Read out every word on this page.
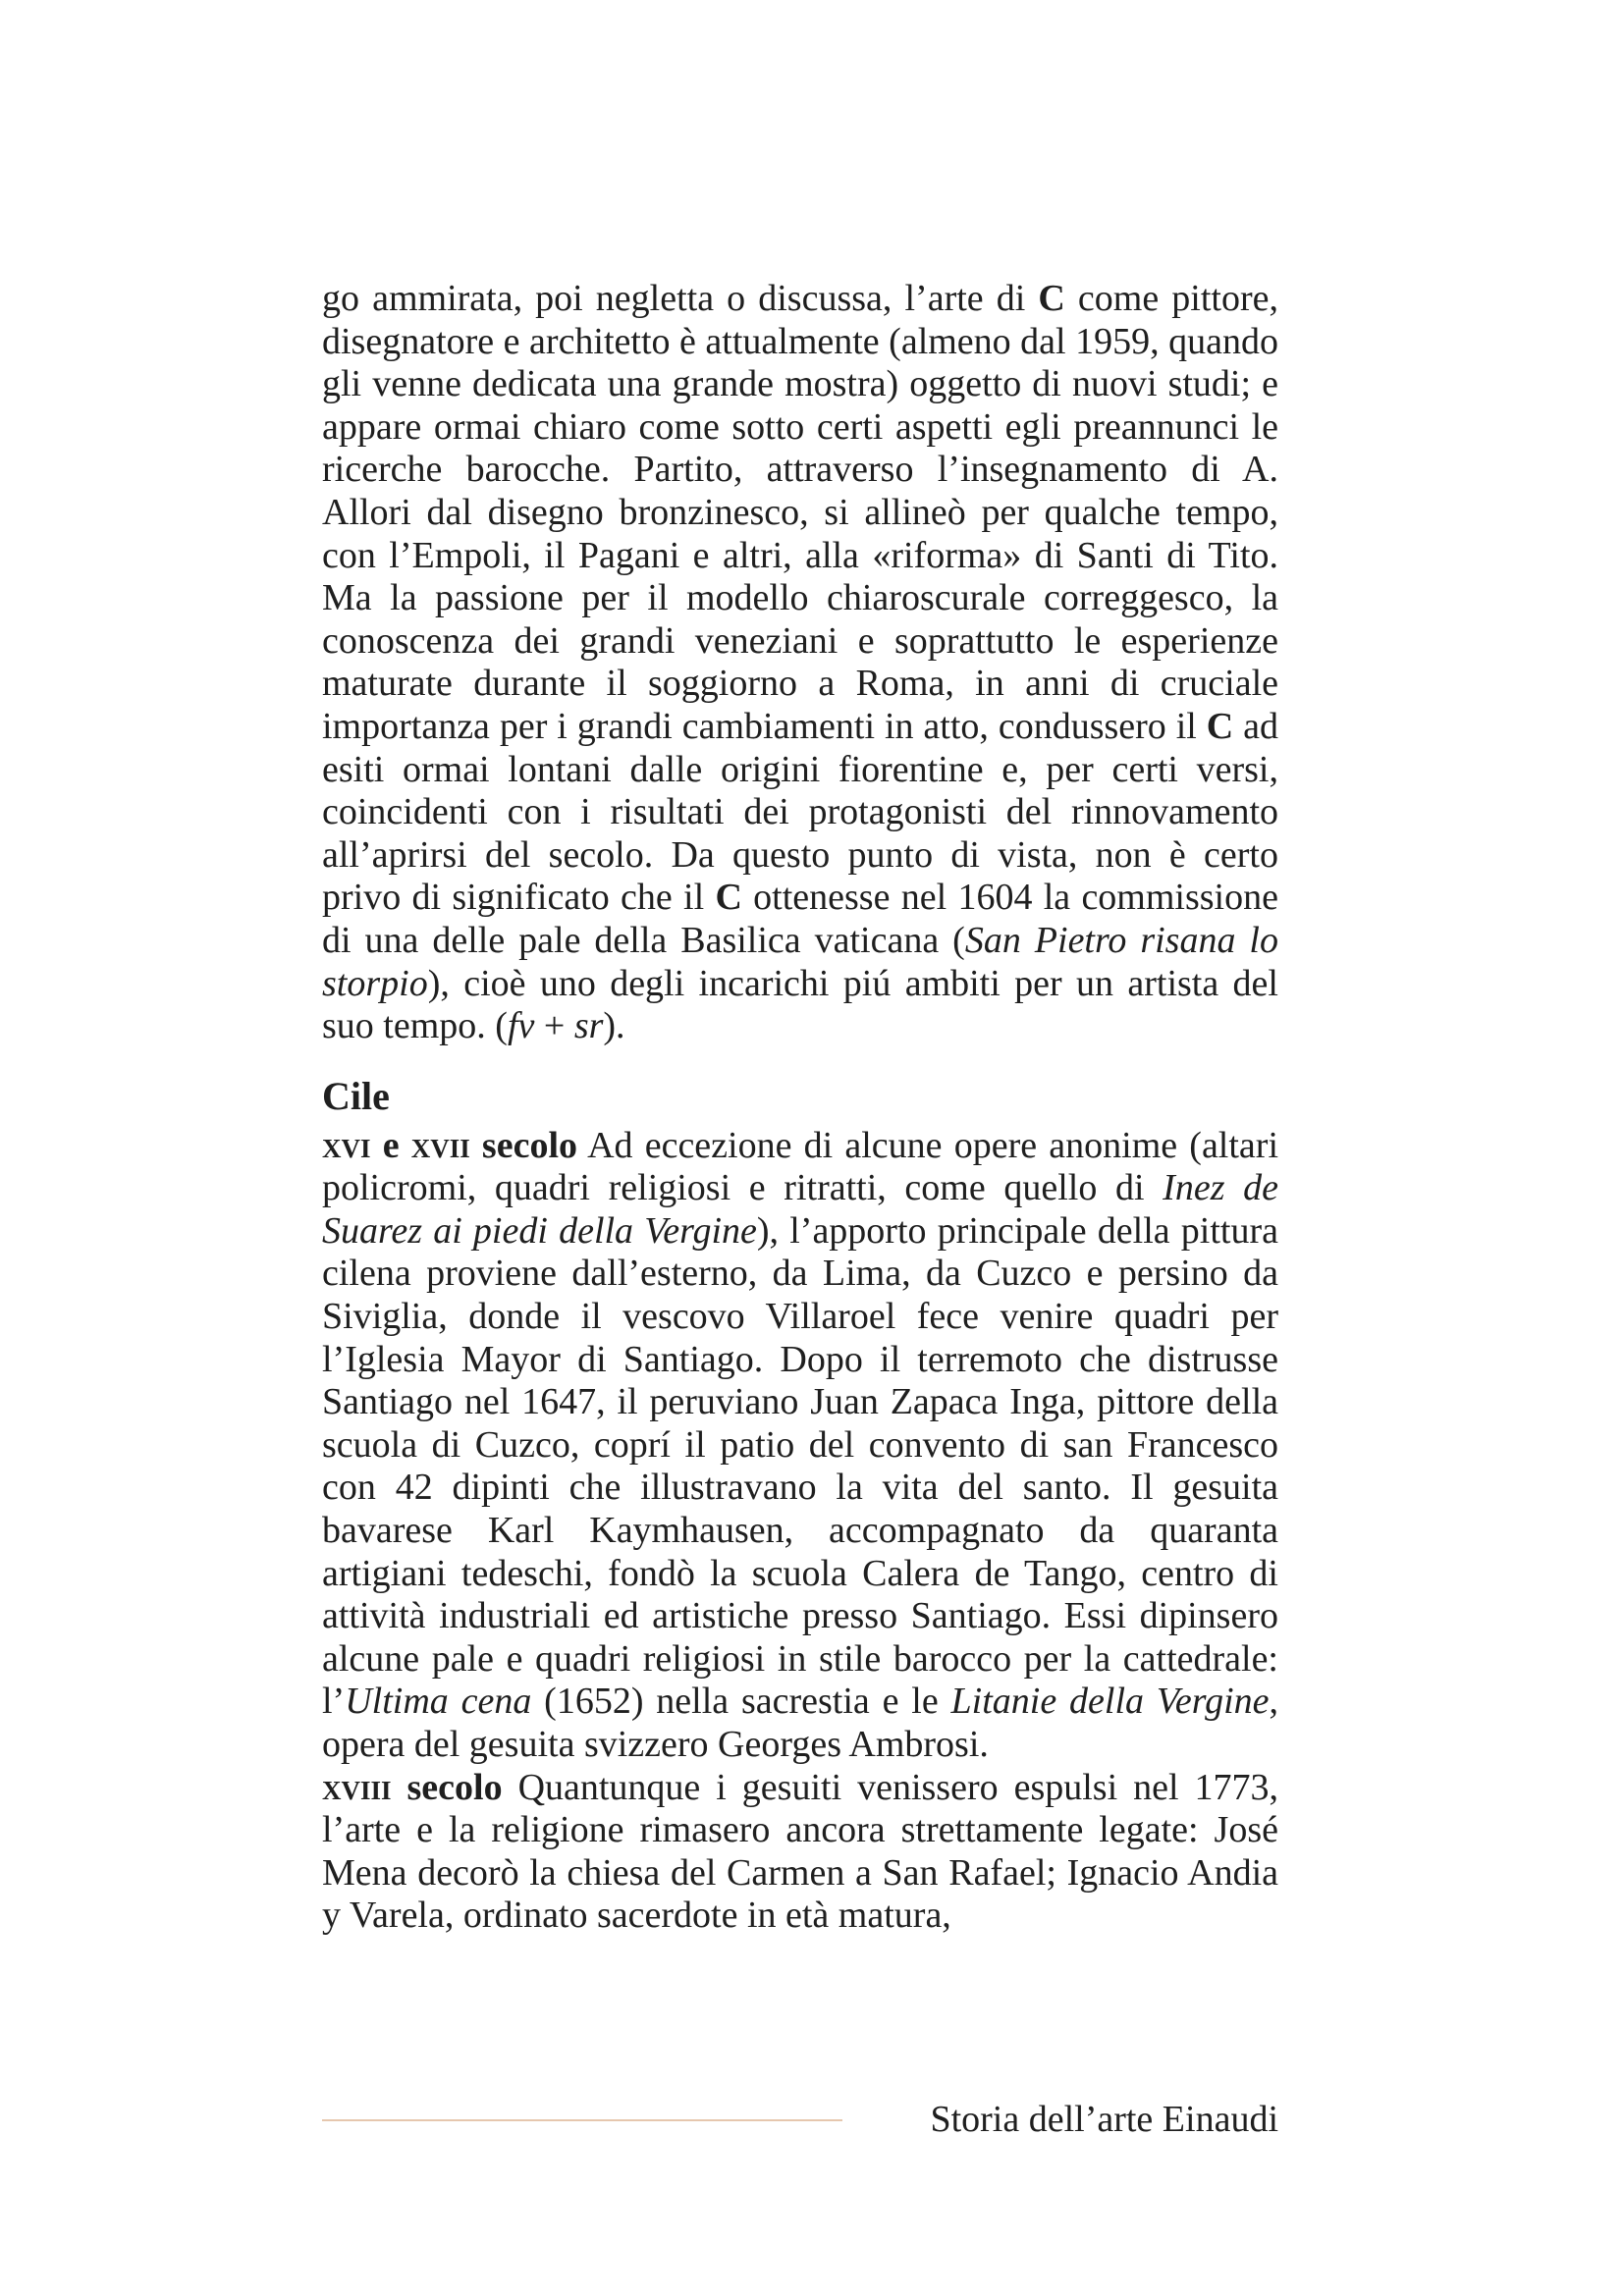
go ammirata, poi negletta o discussa, l’arte di C come pittore, disegnatore e architetto è attualmente (almeno dal 1959, quando gli venne dedicata una grande mostra) oggetto di nuovi studi; e appare ormai chiaro come sotto certi aspetti egli preannunci le ricerche barocche. Partito, attraverso l’insegnamento di A. Allori dal disegno bronzinesco, si allineò per qualche tempo, con l’Empoli, il Pagani e altri, alla «riforma» di Santi di Tito. Ma la passione per il modello chiaroscurale correggesco, la conoscenza dei grandi veneziani e soprattutto le esperienze maturate durante il soggiorno a Roma, in anni di cruciale importanza per i grandi cambiamenti in atto, condussero il C ad esiti ormai lontani dalle origini fiorentine e, per certi versi, coincidenti con i risultati dei protagonisti del rinnovamento all’aprirsi del secolo. Da questo punto di vista, non è certo privo di significato che il C ottenesse nel 1604 la commissione di una delle pale della Basilica vaticana (San Pietro risana lo storpio), cioè uno degli incarichi piú ambiti per un artista del suo tempo. (fv + sr).

Cile

xvi e xvii secolo Ad eccezione di alcune opere anonime (altari policromi, quadri religiosi e ritratti, come quello di Inez de Suarez ai piedi della Vergine), l’apporto principale della pittura cilena proviene dall’esterno, da Lima, da Cuzco e persino da Siviglia, donde il vescovo Villaroel fece venire quadri per l’Iglesia Mayor di Santiago. Dopo il terremoto che distrusse Santiago nel 1647, il peruviano Juan Zapaca Inga, pittore della scuola di Cuzco, coprí il patio del convento di san Francesco con 42 dipinti che illustravano la vita del santo. Il gesuita bavarese Karl Kaymhausen, accompagnato da quaranta artigiani tedeschi, fondò la scuola Calera de Tango, centro di attività industriali ed artistiche presso Santiago. Essi dipinsero alcune pale e quadri religiosi in stile barocco per la cattedrale: l’Ultima cena (1652) nella sacrestia e le Litanie della Vergine, opera del gesuita svizzero Georges Ambrosi.

xviii secolo Quantunque i gesuiti venissero espulsi nel 1773, l’arte e la religione rimasero ancora strettamente legate: José Mena decorò la chiesa del Carmen a San Rafael; Ignacio Andia y Varela, ordinato sacerdote in età matura,

Storia dell’arte Einaudi
